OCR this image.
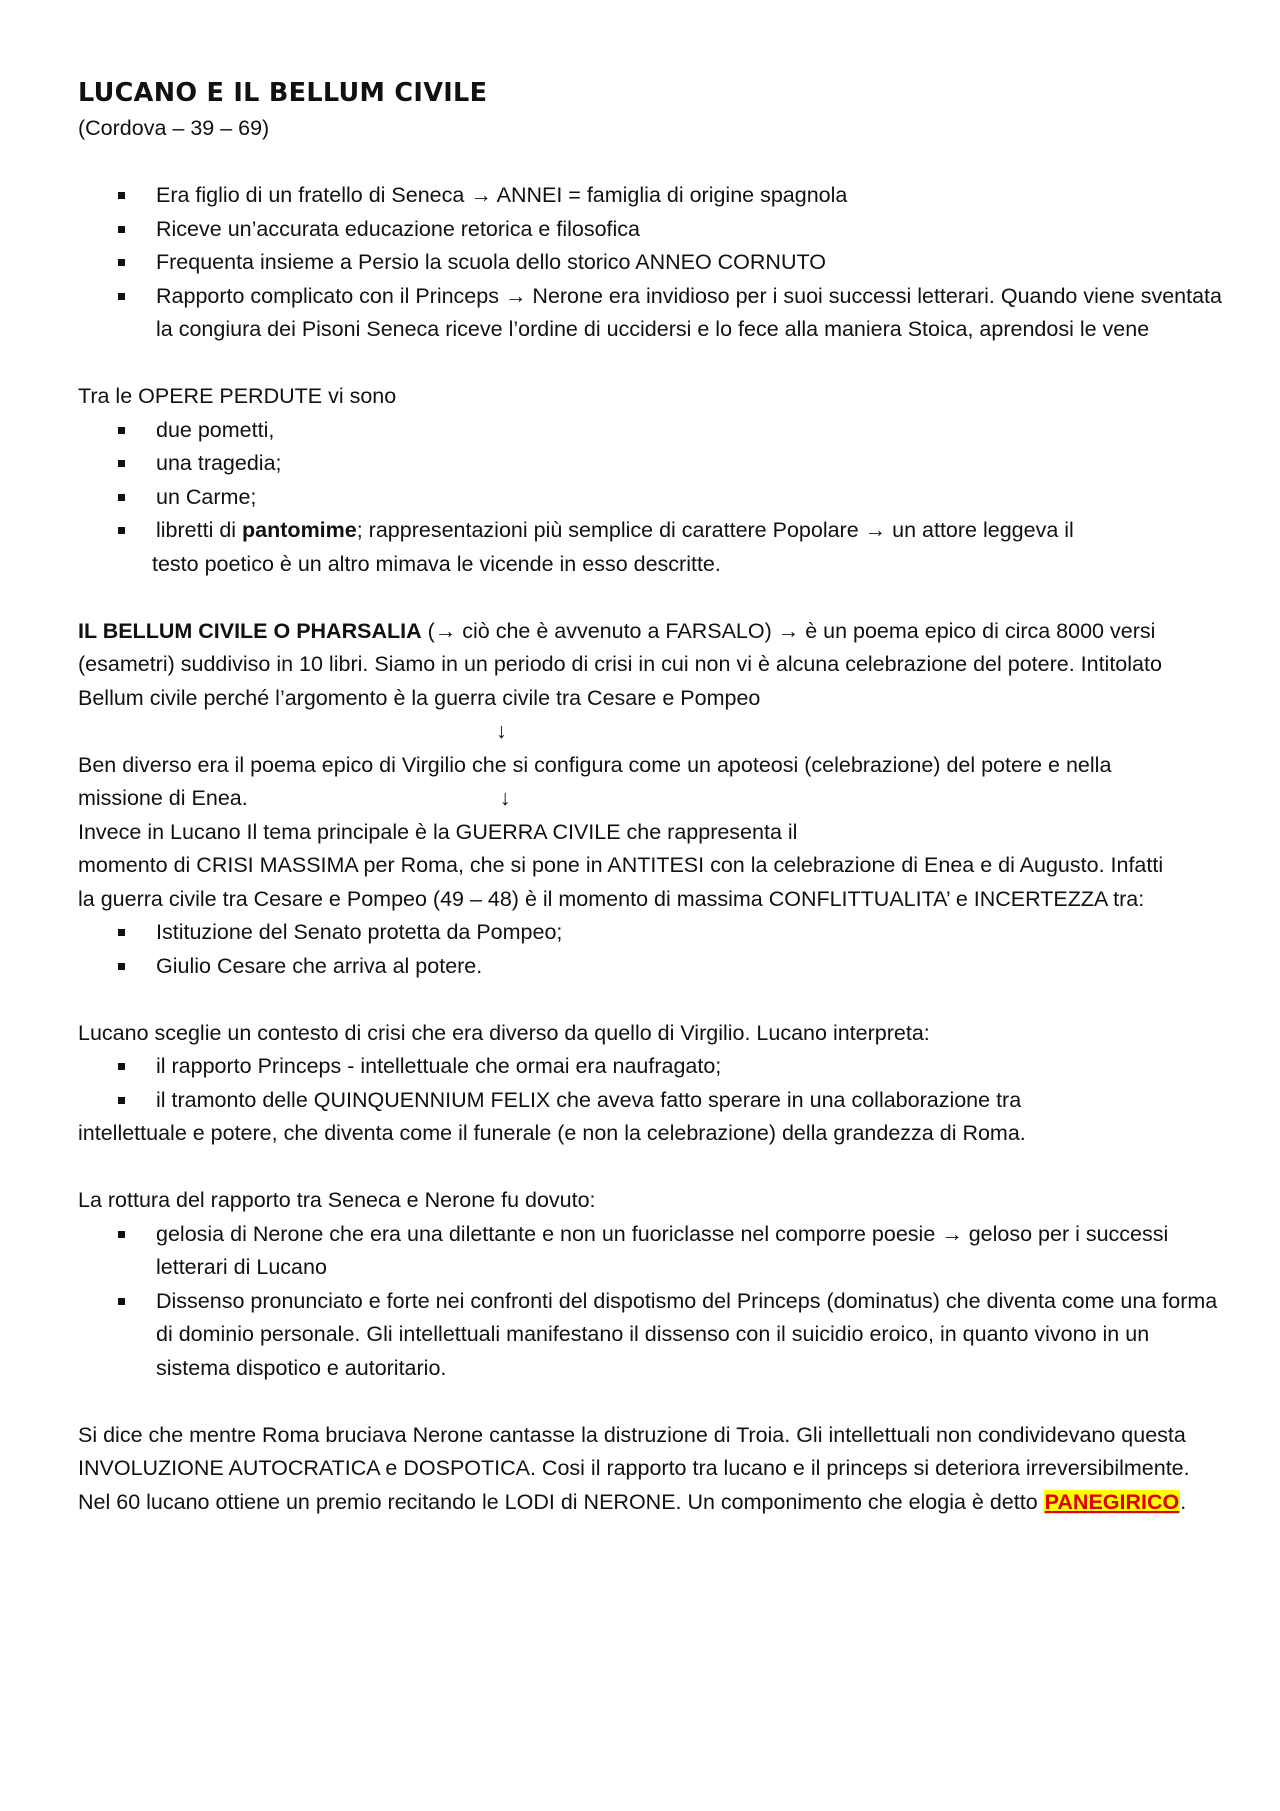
LUCANO E IL BELLUM CIVILE

(Cordova – 39 – 69)

Era figlio di un fratello di Seneca → ANNEI = famiglia di origine spagnola
Riceve un’accurata educazione retorica e filosofica
Frequenta insieme a Persio la scuola dello storico ANNEO CORNUTO
Rapporto complicato con il Princeps → Nerone era invidioso per i suoi successi letterari. Quando viene sventata la congiura dei Pisoni Seneca riceve l’ordine di uccidersi e lo fece alla maniera Stoica, aprendosi le vene

Tra le OPERE PERDUTE vi sono

due pometti,
una tragedia;
un Carme;
libretti di pantomime; rappresentazioni più semplice di carattere Popolare → un attore leggeva il

testo poetico è un altro mimava le vicende in esso descritte.

IL BELLUM CIVILE O PHARSALIA (→ ciò che è avvenuto a FARSALO) → è un poema epico di circa 8000 versi (esametri) suddiviso in 10 libri. Siamo in un periodo di crisi in cui non vi è alcuna celebrazione del potere. Intitolato Bellum civile perché l’argomento è la guerra civile tra Cesare e Pompeo

↓

Ben diverso era il poema epico di Virgilio che si configura come un apoteosi (celebrazione) del potere e nella

missione di Enea.	↓

Invece in Lucano Il tema principale è la GUERRA CIVILE che rappresenta il

momento di CRISI MASSIMA per Roma, che si pone in ANTITESI con la celebrazione di Enea e di Augusto. Infatti

la guerra civile tra Cesare e Pompeo (49 – 48) è il momento di massima CONFLITTUALITA’ e INCERTEZZA tra:

Istituzione del Senato protetta da Pompeo;
Giulio Cesare che arriva al potere.

Lucano sceglie un contesto di crisi che era diverso da quello di Virgilio. Lucano interpreta:

il rapporto Princeps - intellettuale che ormai era naufragato;
il tramonto delle QUINQUENNIUM FELIX che aveva fatto sperare in una collaborazione tra

intellettuale e potere, che diventa come il funerale (e non la celebrazione) della grandezza di Roma.

La rottura del rapporto tra Seneca e Nerone fu dovuto:

gelosia di Nerone che era una dilettante e non un fuoriclasse nel comporre poesie → geloso per i successi letterari di Lucano
Dissenso pronunciato e forte nei confronti del dispotismo del Princeps (dominatus) che diventa come una forma di dominio personale. Gli intellettuali manifestano il dissenso con il suicidio eroico, in quanto vivono in un sistema dispotico e autoritario.

Si dice che mentre Roma bruciava Nerone cantasse la distruzione di Troia. Gli intellettuali non condividevano questa

INVOLUZIONE AUTOCRATICA e DOSPOTICA. Cosi il rapporto tra lucano e il princeps si deteriora irreversibilmente.

Nel 60 lucano ottiene un premio recitando le LODI di NERONE. Un componimento che elogia è detto PANEGIRICO.
